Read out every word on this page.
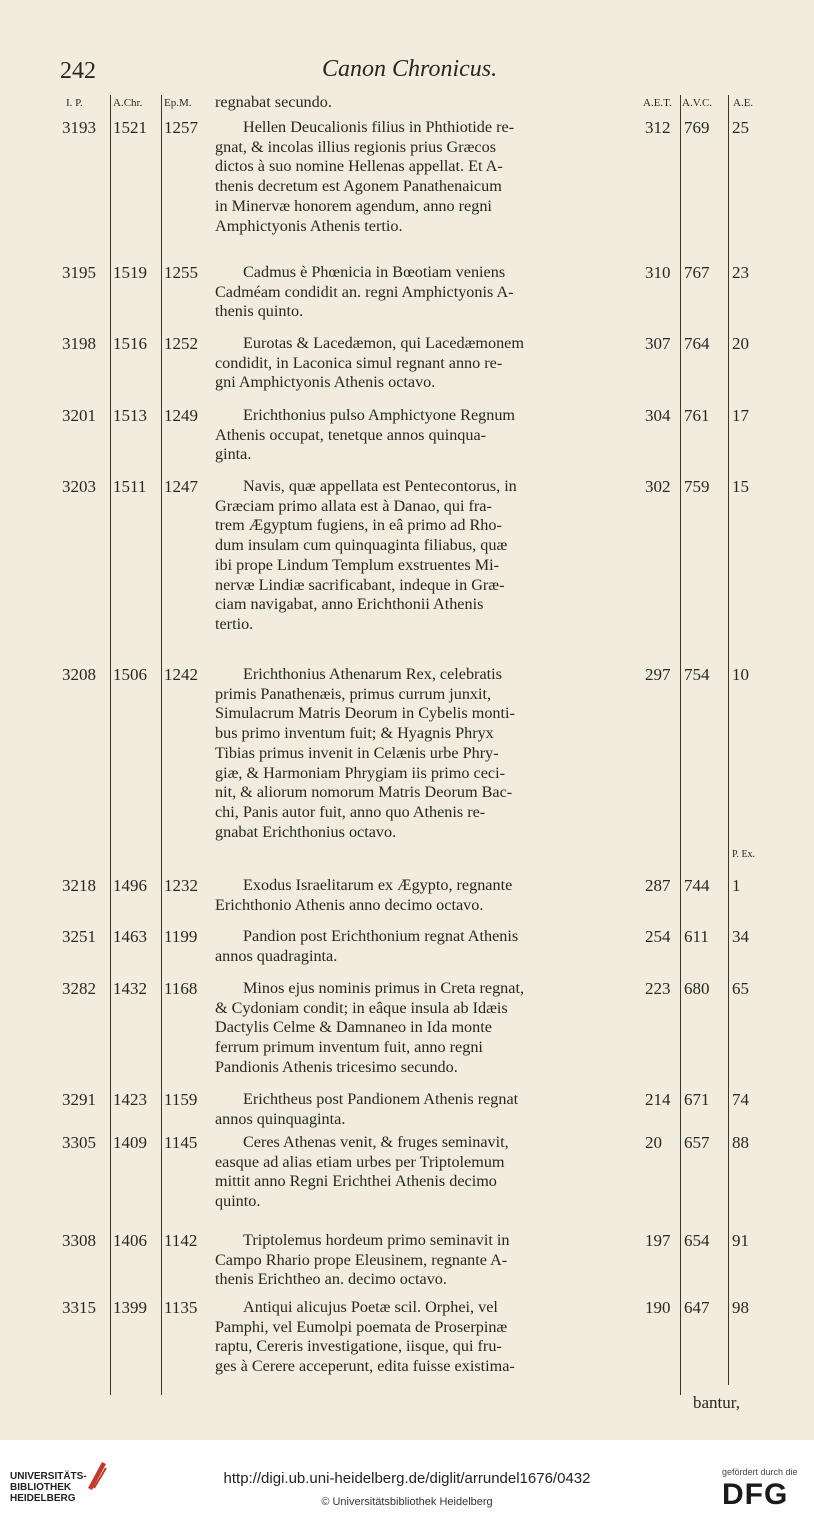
242	Canon Chronicus.
I. P.	A.Chr. Ep.M.	A.E.T. A.V.C. A.E.
regnabat secundo.
3193 1521 1257	312 769 25
Hellen Deucalionis filius in Phthiotide re-
gnat, & incolas illius regionis prius Græcos
dictos à suo nomine Hellenas appellat. Et A-
thenis decretum est Agonem Panathenaicum
in Minervæ honorem agendum, anno regni
Amphictyonis Athenis tertio.
3195 1519 1255	310 767 23
Cadmus è Phœnicia in Bœotiam veniens
Cadméam condidit an. regni Amphictyonis A-
thenis quinto.
3198 1516 1252	307 764 20
Eurotas & Lacedæmon, qui Lacedæmonem
condidit, in Laconica simul regnant anno re-
gni Amphictyonis Athenis octavo.
3201 1513 1249	304 761 17
Erichthonius pulso Amphictyone Regnum
Athenis occupat, tenetque annos quinqua-
ginta.
3203 1511 1247	302 759 15
Navis, quæ appellata est Pentecontorus, in
Græciam primo allata est à Danao, qui fra-
trem Ægyptum fugiens, in eâ primo ad Rho-
dum insulam cum quinquaginta filiabus, quæ
ibi prope Lindum Templum exstruentes Mi-
nervæ Lindiæ sacrificabant, indeque in Græ-
ciam navigabat, anno Erichthonii Athenis
tertio.
3208 1506 1242	297 754 10
Erichthonius Athenarum Rex, celebratis
primis Panathenæis, primus currum junxit,
Simulacrum Matris Deorum in Cybelis monti-
bus primo inventum fuit; & Hyagnis Phryx
Tibias primus invenit in Celænis urbe Phry-
giæ, & Harmoniam Phrygiam iis primo ceci-
nit, & aliorum nomorum Matris Deorum Bac-
chi, Panis autor fuit, anno quo Athenis re-
gnabat Erichthonius octavo.
3218 1496 1232	287 744 1
Exodus Israelitarum ex Ægypto, regnante
Erichthonio Athenis anno decimo octavo.
3251 1463 1199	254 611 34
Pandion post Erichthonium regnat Athenis
annos quadraginta.
3282 1432 1168	223 680 65
Minos ejus nominis primus in Creta regnat,
& Cydoniam condit; in eâque insula ab Idæis
Dactylis Celme & Damnaneo in Ida monte
ferrum primum inventum fuit, anno regni
Pandionis Athenis tricesimo secundo.
3291 1423 1159	214 671 74
Erichtheus post Pandionem Athenis regnat
annos quinquaginta.
3305 1409 1145	20 657 88
Ceres Athenas venit, & fruges seminavit,
easque ad alias etiam urbes per Triptolemum
mittit anno Regni Erichthei Athenis decimo
quinto.
3308 1406 1142	197 654 91
Triptolemus hordeum primo seminavit in
Campo Rhario prope Eleusinem, regnante A-
thenis Erichtheo an. decimo octavo.
3315 1399 1135	190 647 98
Antiqui alicujus Poetæ scil. Orphei, vel
Pamphi, vel Eumolpi poemata de Proserpinæ
raptu, Cereris investigatione, iisque, qui fru-
ges à Cerere acceperunt, edita fuisse existima-
P. Ex.
bantur,
UNIVERSITÄTS-
BIBLIOTHEK
HEIDELBERG
http://digi.ub.uni-heidelberg.de/diglit/arrundel1676/0432
© Universitätsbibliothek Heidelberg
gefördert durch die
DFG
